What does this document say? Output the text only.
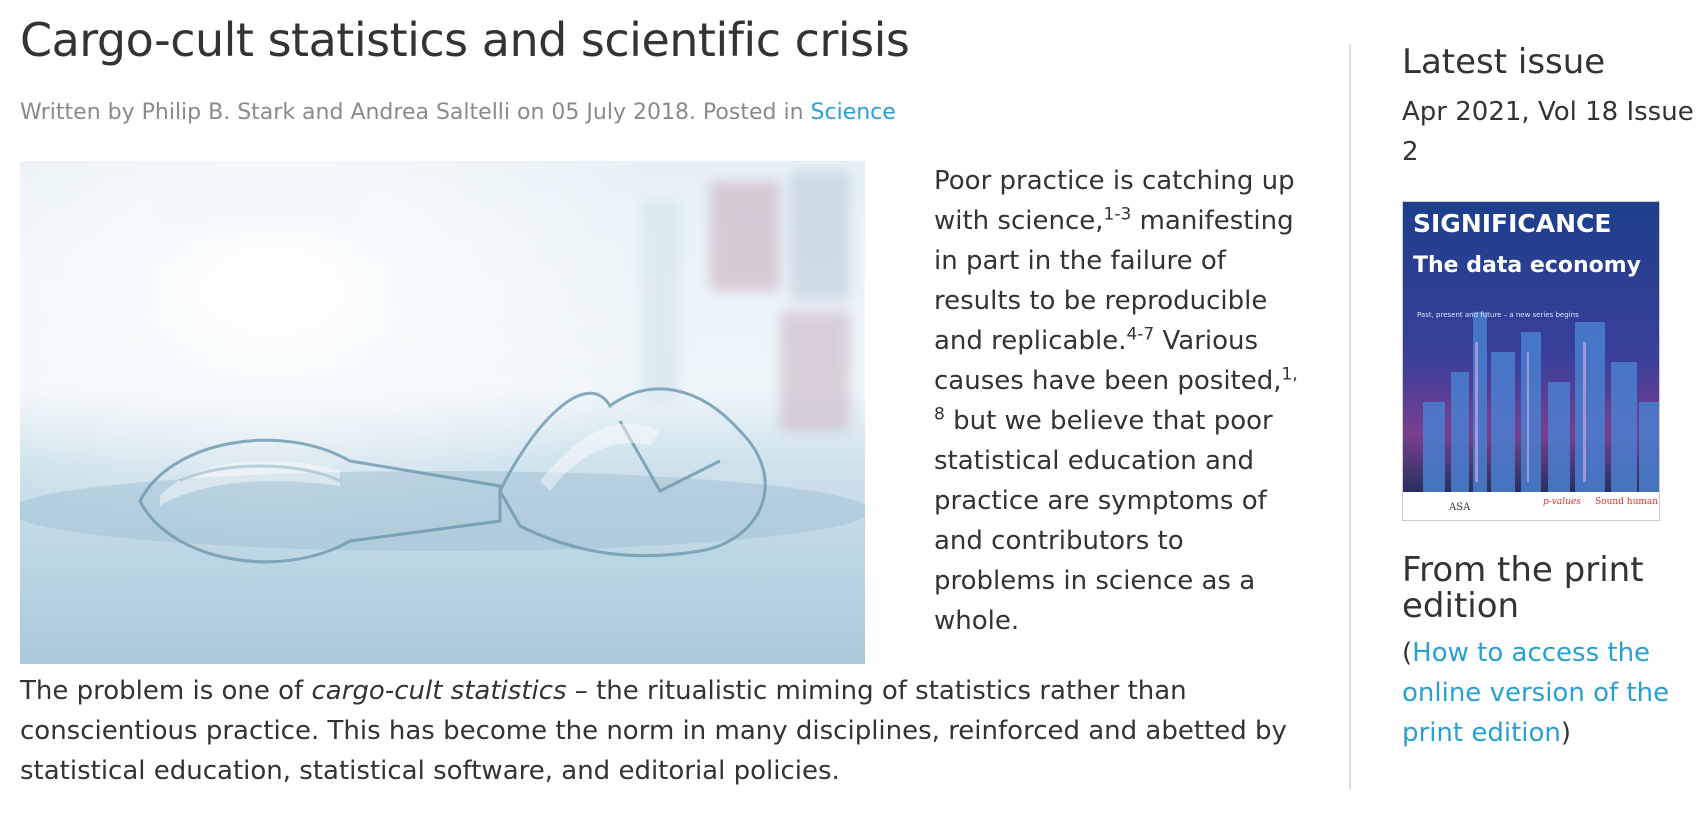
Cargo-cult statistics and scientific crisis
Written by Philip B. Stark and Andrea Saltelli on 05 July 2018. Posted in Science

Poor practice is catching up with science,$^{1-3}$ manifesting in part in the failure of results to be reproducible and replicable.$^{4-7}$ Various causes have been posited,$^{1, 8}$ but we believe that poor statistical education and practice are symptoms of and contributors to problems in science as a whole.

The problem is one of cargo-cult statistics – the ritualistic miming of statistics rather than conscientious practice. This has become the norm in many disciplines, reinforced and abetted by statistical education, statistical software, and editorial policies.

Latest issue
Apr 2021, Vol 18 Issue 2
SIGNIFICANCE
The data economy
Past, present and future – a new series begins
ASA	p-values Sound human
From the print edition
(How to access the online version of the print edition)
